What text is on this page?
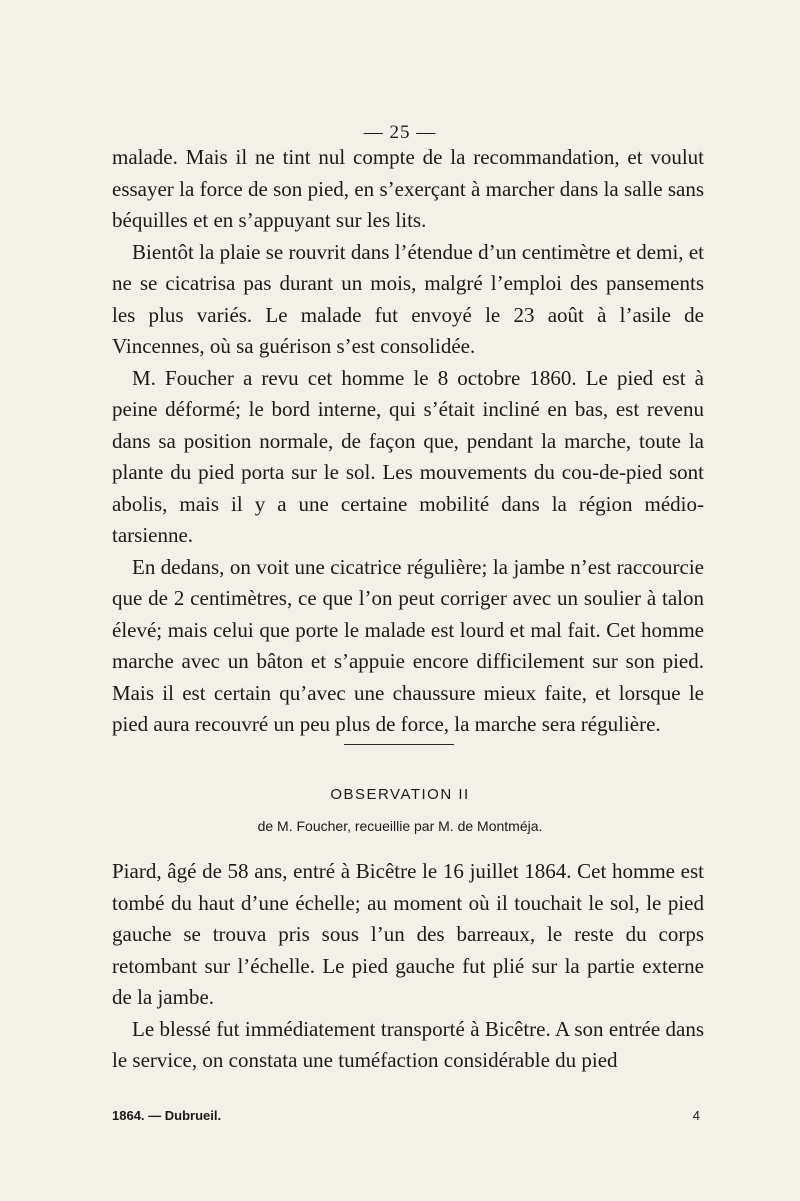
— 25 —

malade. Mais il ne tint nul compte de la recommandation, et voulut essayer la force de son pied, en s’exerçant à marcher dans la salle sans béquilles et en s’appuyant sur les lits.

Bientôt la plaie se rouvrit dans l’étendue d’un centimètre et demi, et ne se cicatrisa pas durant un mois, malgré l’emploi des pansements les plus variés. Le malade fut envoyé le 23 août à l’asile de Vincennes, où sa guérison s’est consolidée.

M. Foucher a revu cet homme le 8 octobre 1860. Le pied est à peine déformé; le bord interne, qui s’était incliné en bas, est revenu dans sa position normale, de façon que, pendant la marche, toute la plante du pied porta sur le sol. Les mouvements du cou-de-pied sont abolis, mais il y a une certaine mobilité dans la région médio-tarsienne.

En dedans, on voit une cicatrice régulière; la jambe n’est raccourcie que de 2 centimètres, ce que l’on peut corriger avec un soulier à talon élevé; mais celui que porte le malade est lourd et mal fait. Cet homme marche avec un bâton et s’appuie encore difficilement sur son pied. Mais il est certain qu’avec une chaussure mieux faite, et lorsque le pied aura recouvré un peu plus de force, la marche sera régulière.

OBSERVATION II
de M. Foucher, recueillie par M. de Montméja.

Piard, âgé de 58 ans, entré à Bicêtre le 16 juillet 1864. Cet homme est tombé du haut d’une échelle; au moment où il touchait le sol, le pied gauche se trouva pris sous l’un des barreaux, le reste du corps retombant sur l’échelle. Le pied gauche fut plié sur la partie externe de la jambe.

Le blessé fut immédiatement transporté à Bicêtre. A son entrée dans le service, on constata une tuméfaction considérable du pied

1864. — Dubrueil.	4
